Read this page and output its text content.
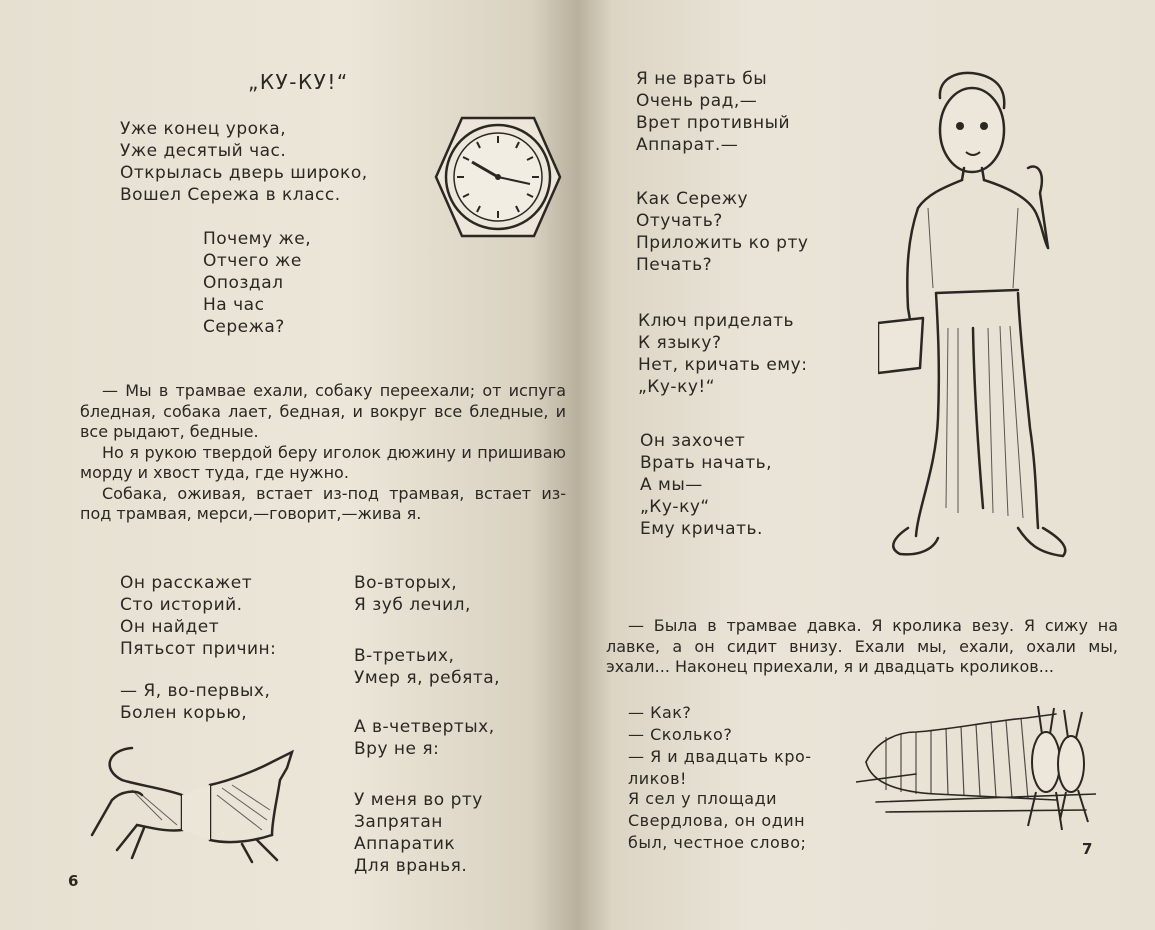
„КУ-КУ!“
Уже конец урока,
Уже десятый час.
Открылась дверь широко,
Вошел Сережа в класс.
Почему же,
Отчего же
Опоздал
На час
Сережа?

— Мы в трамвае ехали, собаку переехали; от испуга бледная, собака лает, бедная, и вокруг все бледные, и все рыдают, бедные.

Но я рукою твердой беру иголок дюжину и пришиваю морду и хвост туда, где нужно.

Собака, оживая, встает из-под трамвая, встает из-под трамвая, мерси,—говорит,—жива я.

Он расскажет
Сто историй.
Он найдет
Пятьсот причин:
— Я, во-первых,
Болен корью,
Во-вторых,
Я зуб лечил,
В-третьих,
Умер я, ребята,
А в-четвертых,
Вру не я:
У меня во рту
Запрятан
Аппаратик
Для вранья.
6
Я не врать бы
Очень рад,—
Врет противный
Аппарат.—
Как Сережу
Отучать?
Приложить ко рту
Печать?
Ключ приделать
К языку?
Нет, кричать ему:
„Ку-ку!“
Он захочет
Врать начать,
А мы—
„Ку-ку“
Ему кричать.

— Была в трамвае давка. Я кролика везу. Я сижу на лавке, а он сидит внизу. Ехали мы, ехали, охали мы, эхали... Наконец приехали, я и двадцать кроликов...

— Как?
— Сколько?
— Я и двадцать кро-
ликов!
Я сел у площади
Свердлова, он один
был, честное слово;	7
